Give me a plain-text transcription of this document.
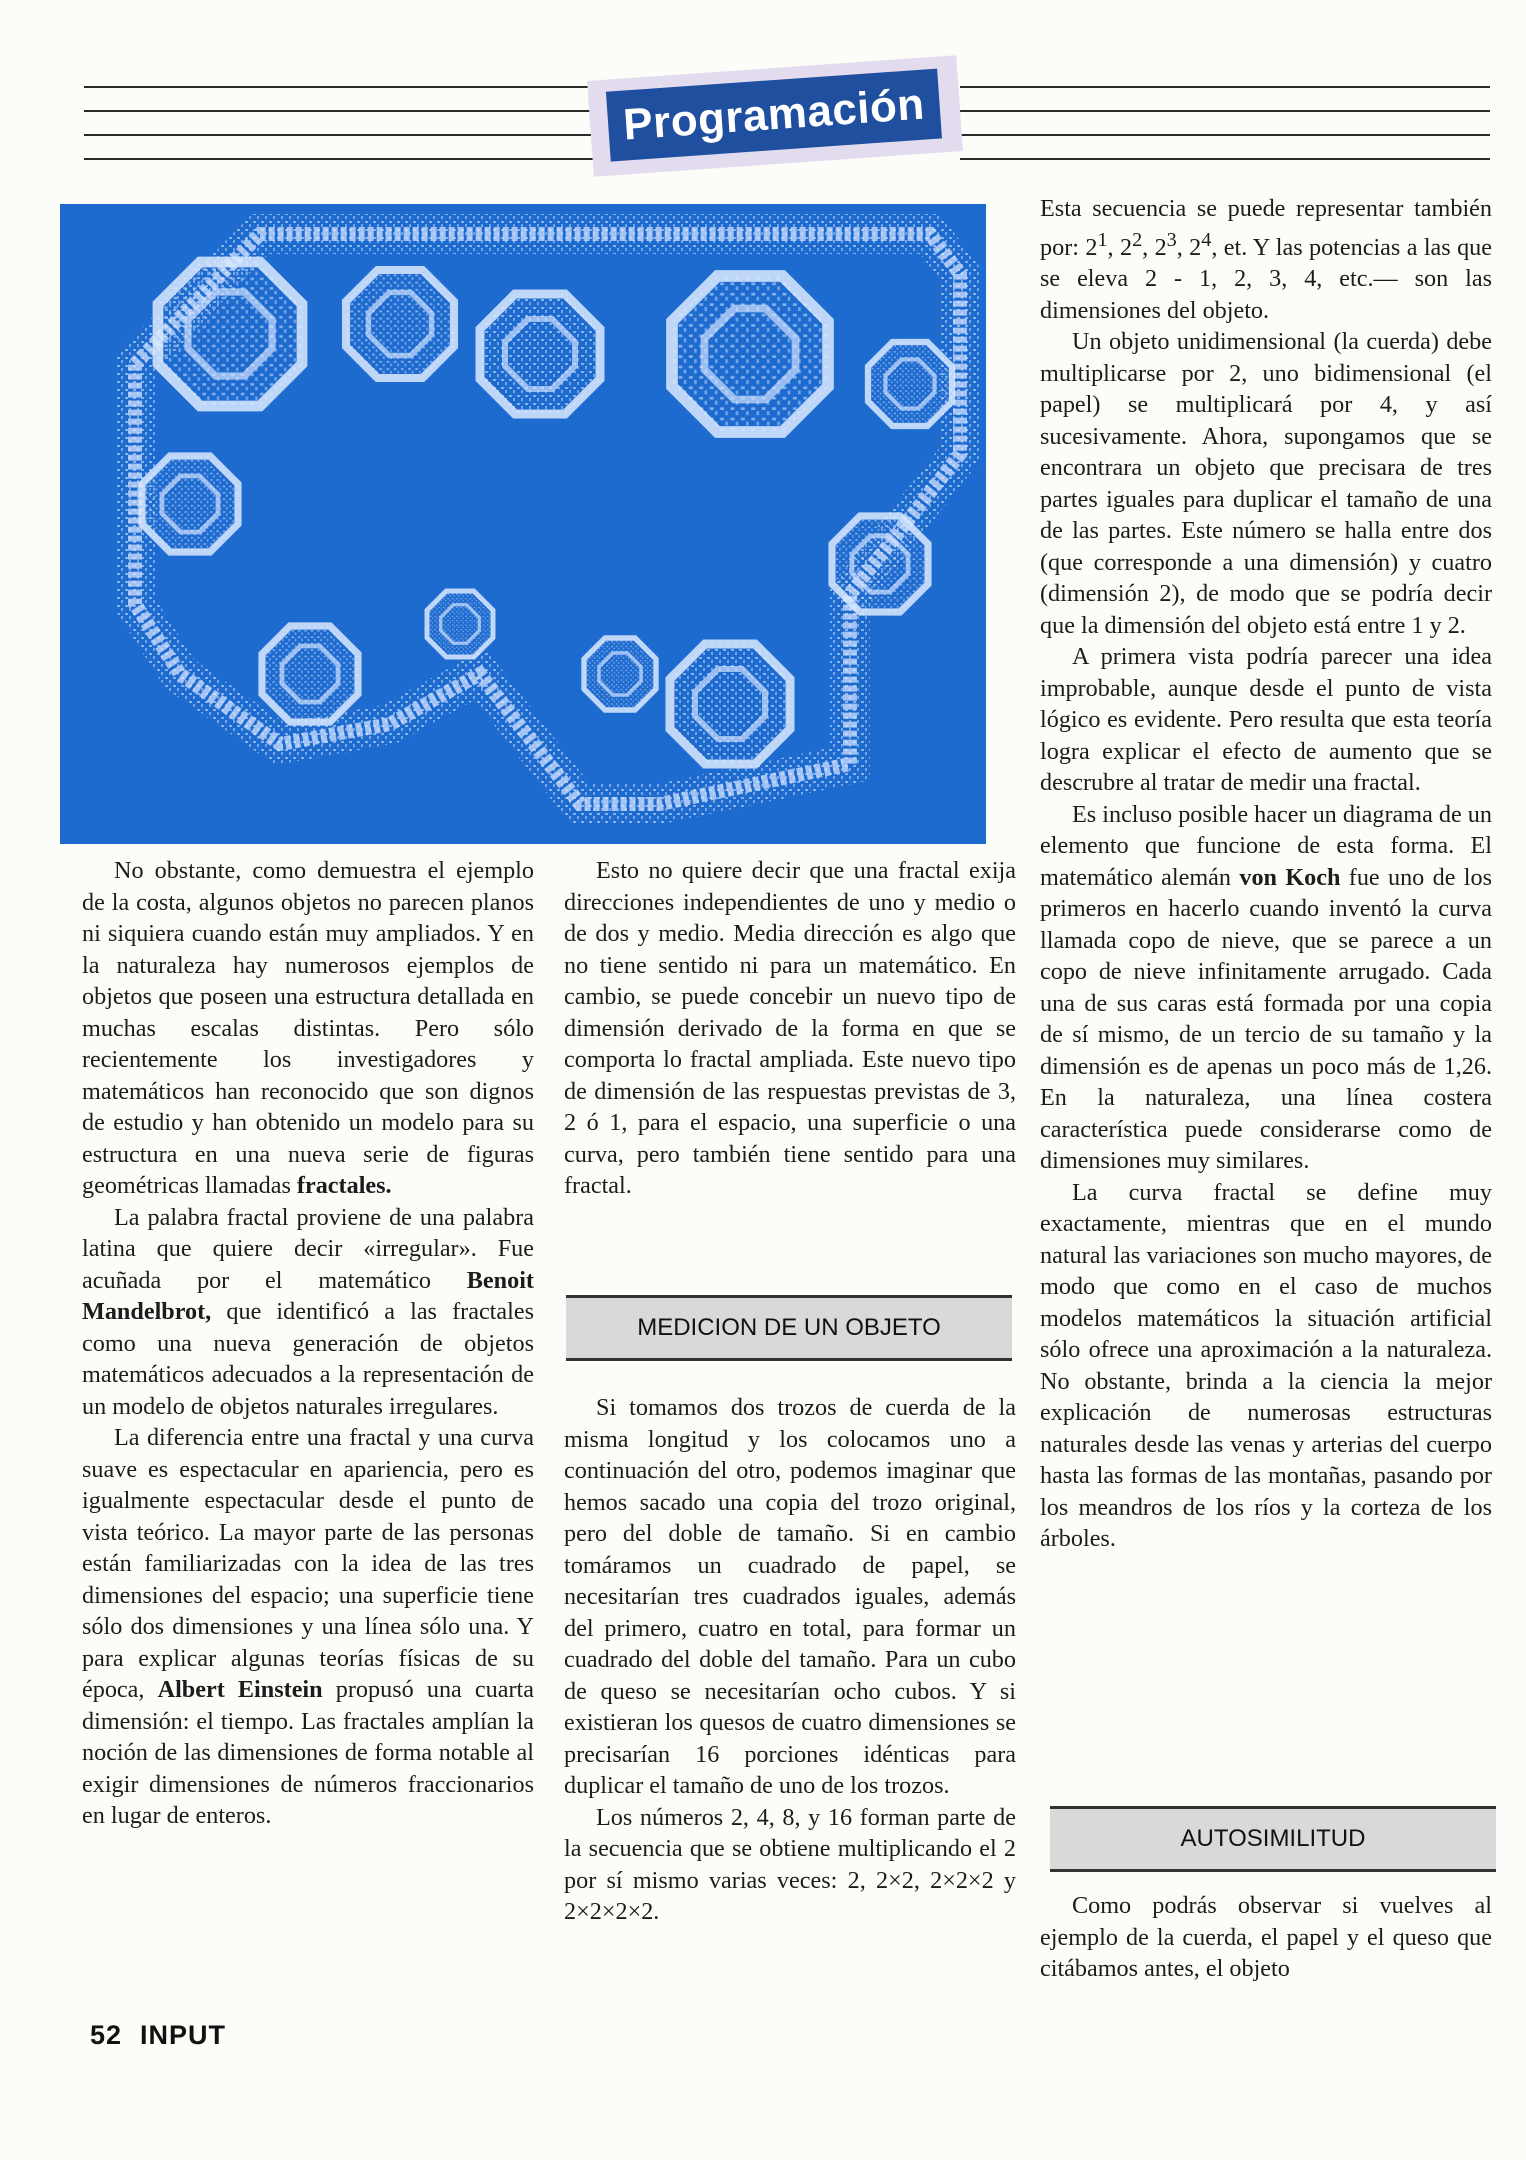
Programación

No obstante, como demuestra el ejemplo de la costa, algunos objetos no parecen planos ni siquiera cuando están muy ampliados. Y en la naturaleza hay numerosos ejemplos de objetos que poseen una estructura detallada en muchas escalas distintas. Pero sólo recientemente los investigadores y matemáticos han reconocido que son dignos de estudio y han obtenido un modelo para su estructura en una nueva serie de figuras geométricas llamadas fractales.

La palabra fractal proviene de una palabra latina que quiere decir «irregular». Fue acuñada por el matemático Benoit Mandelbrot, que identificó a las fractales como una nueva generación de objetos matemáticos adecuados a la representación de un modelo de objetos naturales irregulares.

La diferencia entre una fractal y una curva suave es espectacular en apariencia, pero es igualmente espectacular desde el punto de vista teórico. La mayor parte de las personas están familiarizadas con la idea de las tres dimensiones del espacio; una superficie tiene sólo dos dimensiones y una línea sólo una. Y para explicar algunas teorías físicas de su época, Albert Einstein propusó una cuarta dimensión: el tiempo. Las fractales amplían la noción de las dimensiones de forma notable al exigir dimensiones de números fraccionarios en lugar de enteros.

Esto no quiere decir que una fractal exija direcciones independientes de uno y medio o de dos y medio. Media dirección es algo que no tiene sentido ni para un matemático. En cambio, se puede concebir un nuevo tipo de dimensión derivado de la forma en que se comporta lo fractal ampliada. Este nuevo tipo de dimensión de las respuestas previstas de 3, 2 ó 1, para el espacio, una superficie o una curva, pero también tiene sentido para una fractal.

MEDICION DE UN OBJETO

Si tomamos dos trozos de cuerda de la misma longitud y los colocamos uno a continuación del otro, podemos imaginar que hemos sacado una copia del trozo original, pero del doble de tamaño. Si en cambio tomáramos un cuadrado de papel, se necesitarían tres cuadrados iguales, además del primero, cuatro en total, para formar un cuadrado del doble del tamaño. Para un cubo de queso se necesitarían ocho cubos. Y si existieran los quesos de cuatro dimensiones se precisarían 16 porciones idénticas para duplicar el tamaño de uno de los trozos.

Los números 2, 4, 8, y 16 forman parte de la secuencia que se obtiene multiplicando el 2 por sí mismo varias veces: 2, 2×2, 2×2×2 y 2×2×2×2.

Esta secuencia se puede representar también por: $2^1$, $2^2$, $2^3$, $2^4$, et. Y las potencias a las que se eleva 2 - 1, 2, 3, 4, etc.— son las dimensiones del objeto.

Un objeto unidimensional (la cuerda) debe multiplicarse por 2, uno bidimensional (el papel) se multiplicará por 4, y así sucesivamente. Ahora, supongamos que se encontrara un objeto que precisara de tres partes iguales para duplicar el tamaño de una de las partes. Este número se halla entre dos (que corresponde a una dimensión) y cuatro (dimensión 2), de modo que se podría decir que la dimensión del objeto está entre 1 y 2.

A primera vista podría parecer una idea improbable, aunque desde el punto de vista lógico es evidente. Pero resulta que esta teoría logra explicar el efecto de aumento que se descrubre al tratar de medir una fractal.

Es incluso posible hacer un diagrama de un elemento que funcione de esta forma. El matemático alemán von Koch fue uno de los primeros en hacerlo cuando inventó la curva llamada copo de nieve, que se parece a un copo de nieve infinitamente arrugado. Cada una de sus caras está formada por una copia de sí mismo, de un tercio de su tamaño y la dimensión es de apenas un poco más de 1,26. En la naturaleza, una línea costera característica puede considerarse como de dimensiones muy similares.

La curva fractal se define muy exactamente, mientras que en el mundo natural las variaciones son mucho mayores, de modo que como en el caso de muchos modelos matemáticos la situación artificial sólo ofrece una aproximación a la naturaleza. No obstante, brinda a la ciencia la mejor explicación de numerosas estructuras naturales desde las venas y arterias del cuerpo hasta las formas de las montañas, pasando por los meandros de los ríos y la corteza de los árboles.

AUTOSIMILITUD

Como podrás observar si vuelves al ejemplo de la cuerda, el papel y el queso que citábamos antes, el objeto

52 INPUT
